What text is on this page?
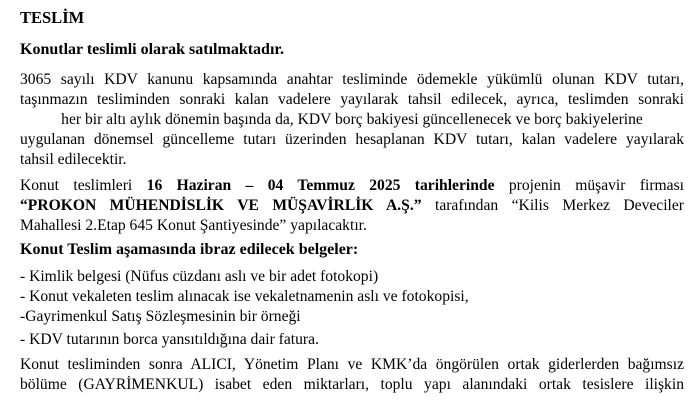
TESLİM
Konutlar teslimli olarak satılmaktadır.
3065 sayılı KDV kanunu kapsamında anahtar tesliminde ödemekle yükümlü olunan KDV tutarı,
taşınmazın tesliminden sonraki kalan vadelere yayılarak tahsil edilecek, ayrıca, teslimden sonraki
her bir altı aylık dönemin başında da, KDV borç bakiyesi güncellenecek ve borç bakiyelerine
uygulanan dönemsel güncelleme tutarı üzerinden hesaplanan KDV tutarı, kalan vadelere yayılarak
tahsil edilecektir.
Konut teslimleri 16 Haziran – 04 Temmuz 2025 tarihlerinde projenin müşavir firması
“PROKON MÜHENDİSLİK VE MÜŞAVİRLİK A.Ş.” tarafından “Kilis Merkez Deveciler
Mahallesi 2.Etap 645 Konut Şantiyesinde” yapılacaktır.
Konut Teslim aşamasında ibraz edilecek belgeler:
- Kimlik belgesi (Nüfus cüzdanı aslı ve bir adet fotokopi)
- Konut vekaleten teslim alınacak ise vekaletnamenin aslı ve fotokopisi,
-Gayrimenkul Satış Sözleşmesinin bir örneği
- KDV tutarının borca yansıtıldığına dair fatura.
Konut tesliminden sonra ALICI, Yönetim Planı ve KMK’da öngörülen ortak giderlerden bağımsız
bölüme (GAYRİMENKUL) isabet eden miktarları, toplu yapı alanındaki ortak tesislere ilişkin
